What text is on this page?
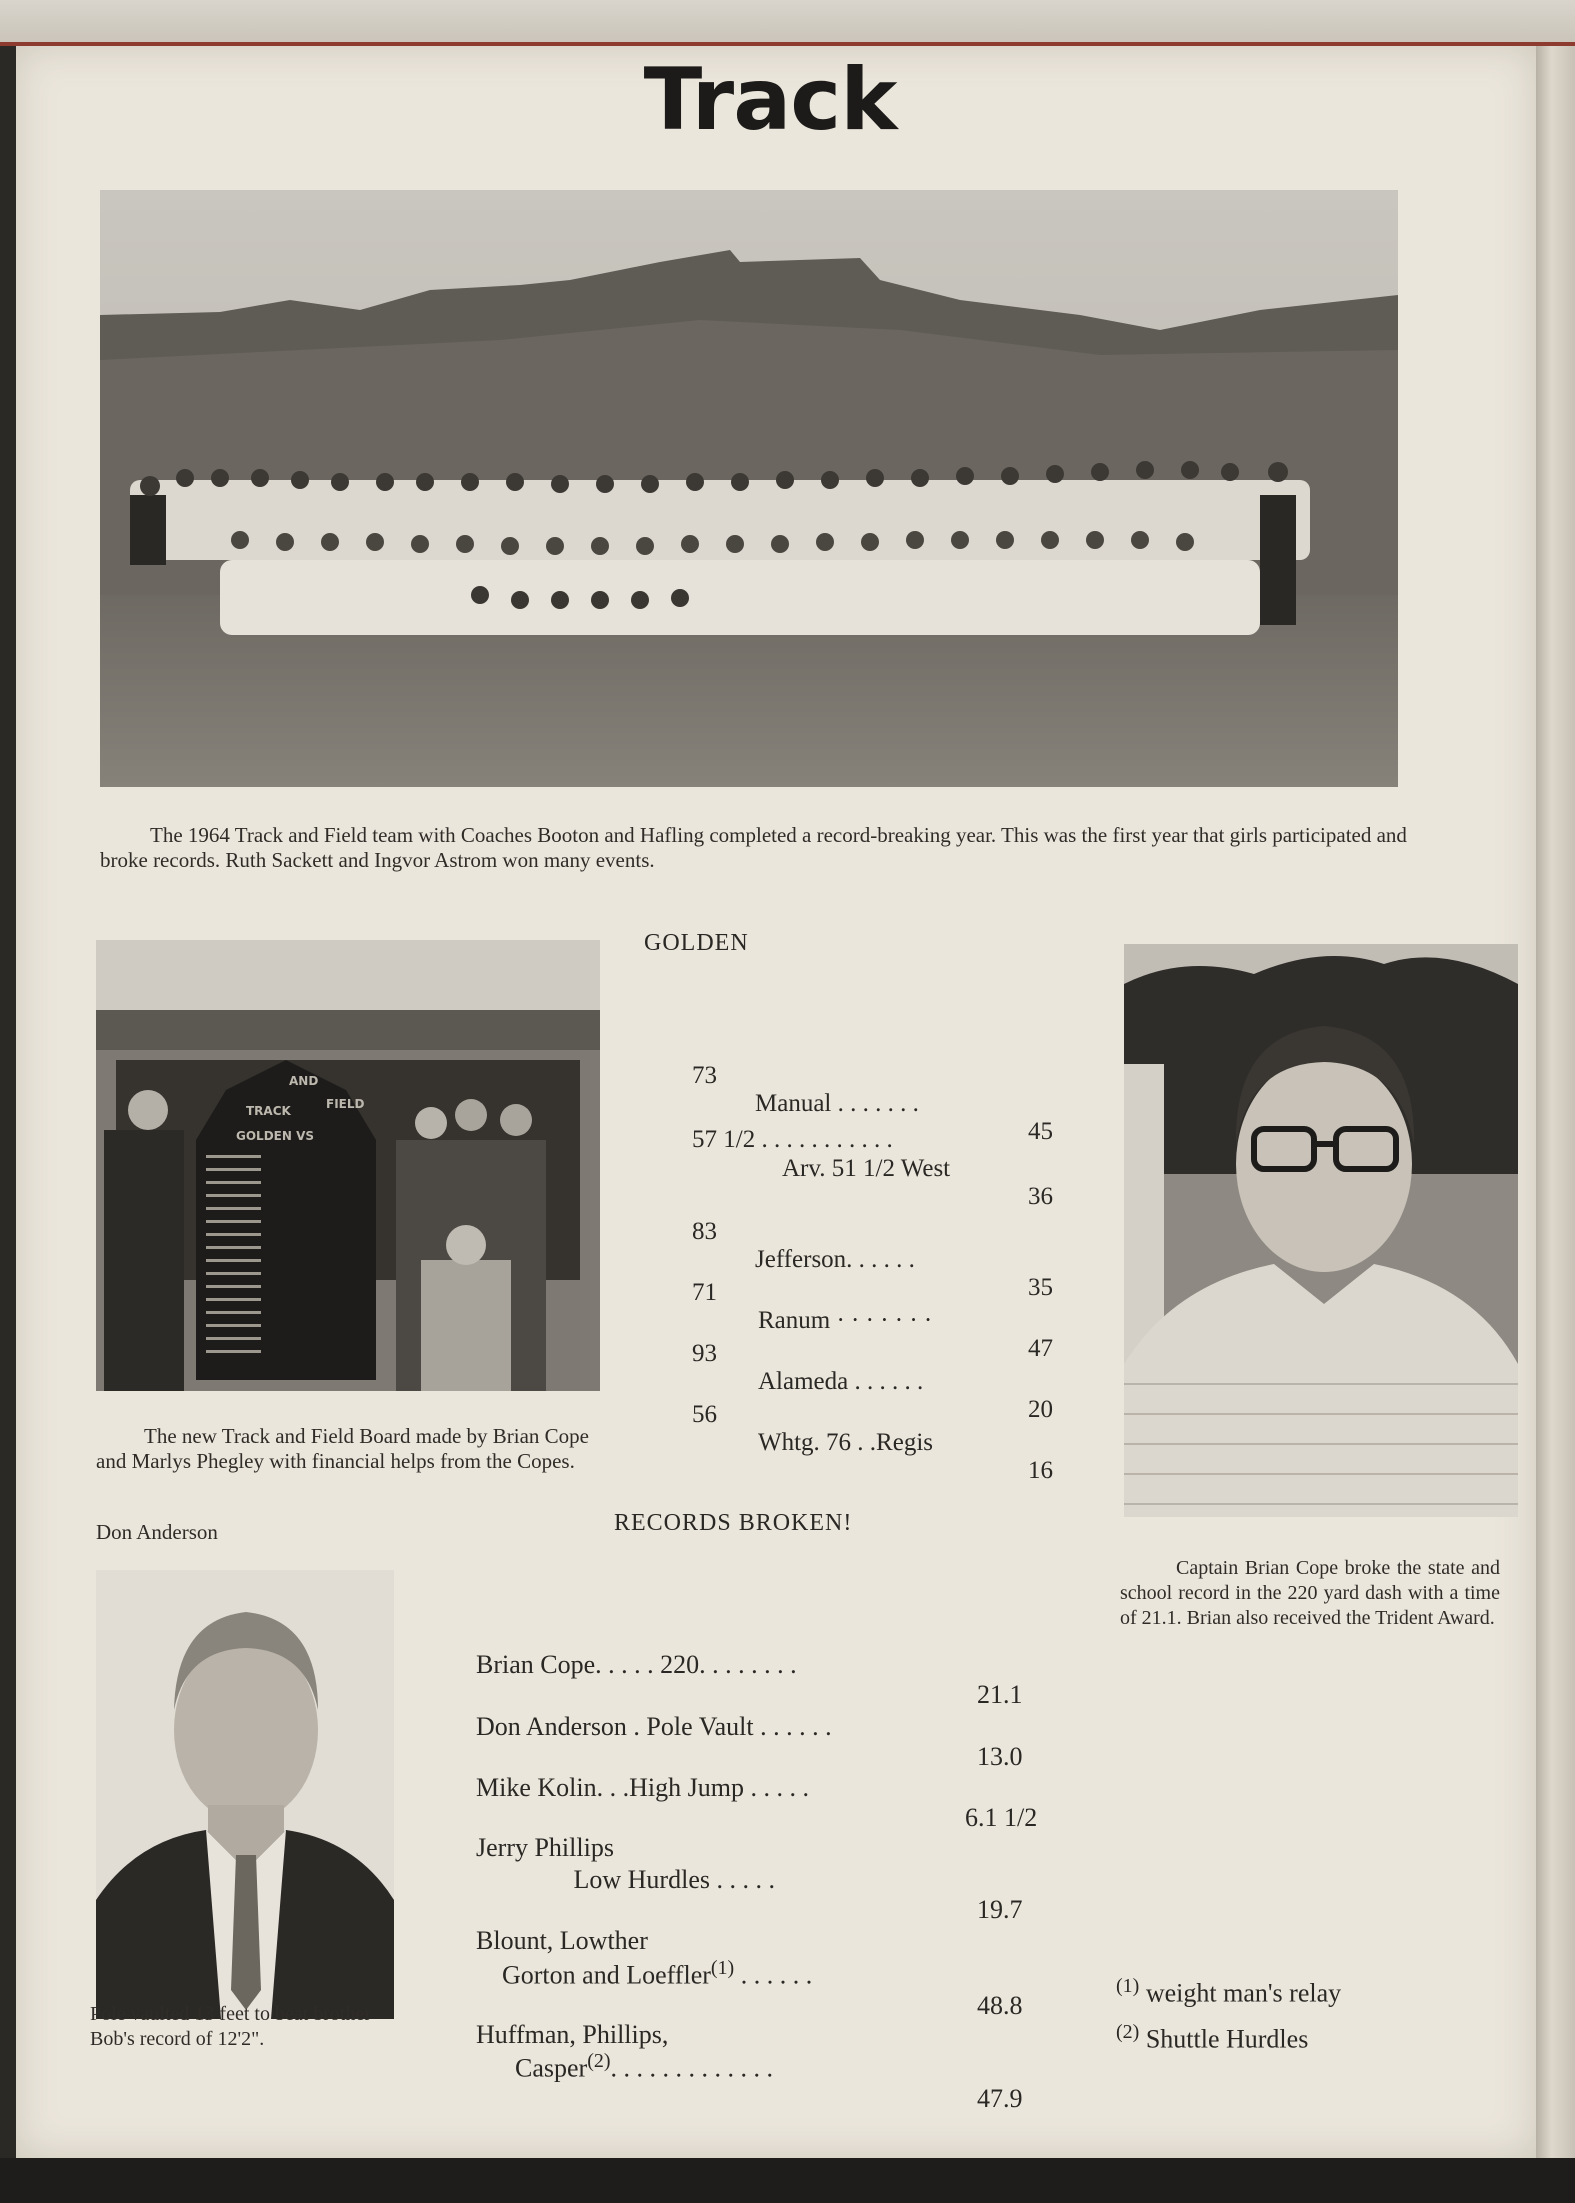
Track
The 1964 Track and Field team with Coaches Booton and Hafling completed a record-breaking year. This was the first year that girls participated and broke records. Ruth Sackett and Ingvor Astrom won many events.
TRACK
AND
FIELD
GOLDEN VS
The new Track and Field Board made by Brian Cope and Marlys Phegley with financial helps from the Copes.
Don Anderson
Pole vaulted 13 feet to beat brother Bob's record of 12'2".
Captain Brian Cope broke the state and school record in the 220 yard dash with a time of 21.1. Brian also received the Trident Award.
GOLDEN

73

Manual . . . . . . .

45

57 1/2 . . . . . . . . . . .

Arv. 51 1/2 West

36

83

Jefferson. . . . . .

35

71

Ranum · · · · · · ·

47

93

Alameda . . . . . .

20

56

Whtg. 76 . .Regis

16

RECORDS BROKEN!

Brian Cope. . . . . 220. . . . . . . .

21.1

Don Anderson . Pole Vault . . . . . .

13.0

Mike Kolin. . .High Jump . . . . .

6.1 1/2

Jerry Phillips

Low Hurdles . . . . .

19.7

Blount, Lowther

Gorton and Loeffler$^{(1)}$ . . . . . .

48.8

Huffman, Phillips,

Casper$^{(2)}$. . . . . . . . . . . . .

47.9

$^{(1)}$ weight man's relay
$^{(2)}$ Shuttle Hurdles
